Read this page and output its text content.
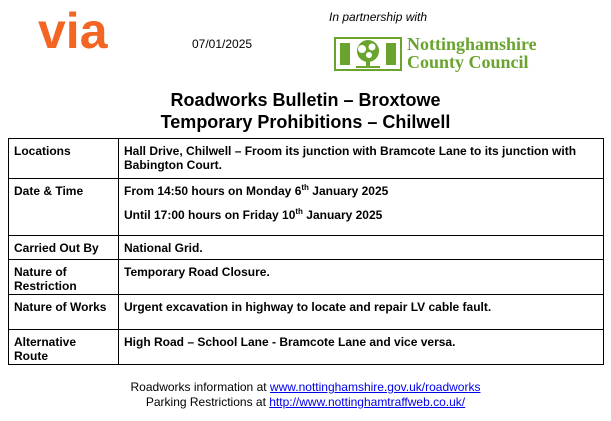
via	07/01/2025
In partnership with
Nottinghamshire
County Council
Roadworks Bulletin – Broxtowe
Temporary Prohibitions – Chilwell
Locations	Hall Drive, Chilwell – Froom its junction with Bramcote Lane to its junction with Babington Court.
Date & Time	From 14:50 hours on Monday 6th January 2025
Until 17:00 hours on Friday 10th January 2025

Carried Out By	National Grid.
Nature of Restriction	Temporary Road Closure.
Nature of Works	Urgent excavation in highway to locate and repair LV cable fault.
Alternative Route	High Road – School Lane - Bramcote Lane and vice versa.
Roadworks information at www.nottinghamshire.gov.uk/roadworks
Parking Restrictions at http://www.nottinghamtraffweb.co.uk/
